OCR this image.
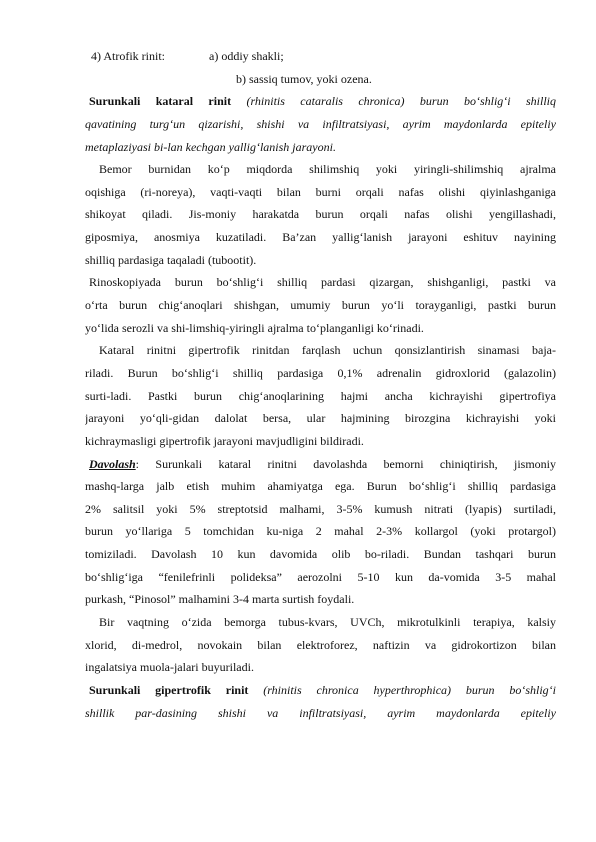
4) Atrofik rinit:	a) oddiy shakli;
b) sassiq tumov, yoki ozena.
Surunkali kataral rinit (rhinitis cataralis chronica) burun bo‘shlig‘i shilliq
qavatining turg‘un qizarishi, shishi va infiltratsiyasi, ayrim maydonlarda epiteliy
metaplaziyasi bi-lan kechgan yallig‘lanish jarayoni.
Bemor burnidan ko‘p miqdorda shilimshiq yoki yiringli-shilimshiq ajralma
oqishiga (ri-noreya), vaqti-vaqti bilan burni orqali nafas olishi qiyinlashganiga
shikoyat qiladi. Jis-moniy harakatda burun orqali nafas olishi yengillashadi,
giposmiya, anosmiya kuzatiladi. Ba’zan yallig‘lanish jarayoni eshituv nayining
shilliq pardasiga taqaladi (tubootit).
Rinoskopiyada burun bo‘shlig‘i shilliq pardasi qizargan, shishganligi, pastki va
o‘rta burun chig‘anoqlari shishgan, umumiy burun yo‘li torayganligi, pastki burun
yo‘lida serozli va shi-limshiq-yiringli ajralma to‘planganligi ko‘rinadi.
Kataral rinitni gipertrofik rinitdan farqlash uchun qonsizlantirish sinamasi baja-
riladi. Burun bo‘shlig‘i shilliq pardasiga 0,1% adrenalin gidroxlorid (galazolin)
surti-ladi. Pastki burun chig‘anoqlarining hajmi ancha kichrayishi gipertrofiya
jarayoni yo‘qli-gidan dalolat bersa, ular hajmining birozgina kichrayishi yoki
kichraymasligi gipertrofik jarayoni mavjudligini bildiradi.
Davolash: Surunkali kataral rinitni davolashda bemorni chiniqtirish, jismoniy
mashq-larga jalb etish muhim ahamiyatga ega. Burun bo‘shlig‘i shilliq pardasiga
2% salitsil yoki 5% streptotsid malhami, 3-5% kumush nitrati (lyapis) surtiladi,
burun yo‘llariga 5 tomchidan ku-niga 2 mahal 2-3% kollargol (yoki protargol)
tomiziladi. Davolash 10 kun davomida olib bo-riladi. Bundan tashqari burun
bo‘shlig‘iga “fenilefrinli polideksa” aerozolni 5-10 kun da-vomida 3-5 mahal
purkash, “Pinosol” malhamini 3-4 marta surtish foydali.
Bir vaqtning o‘zida bemorga tubus-kvars, UVCh, mikrotulkinli terapiya, kalsiy
xlorid, di-medrol, novokain bilan elektroforez, naftizin va gidrokortizon bilan
ingalatsiya muola-jalari buyuriladi.
Surunkali gipertrofik rinit (rhinitis chronica hyperthrophica) burun bo‘shlig‘i
shillik par-dasining shishi va infiltratsiyasi, ayrim maydonlarda epiteliy
